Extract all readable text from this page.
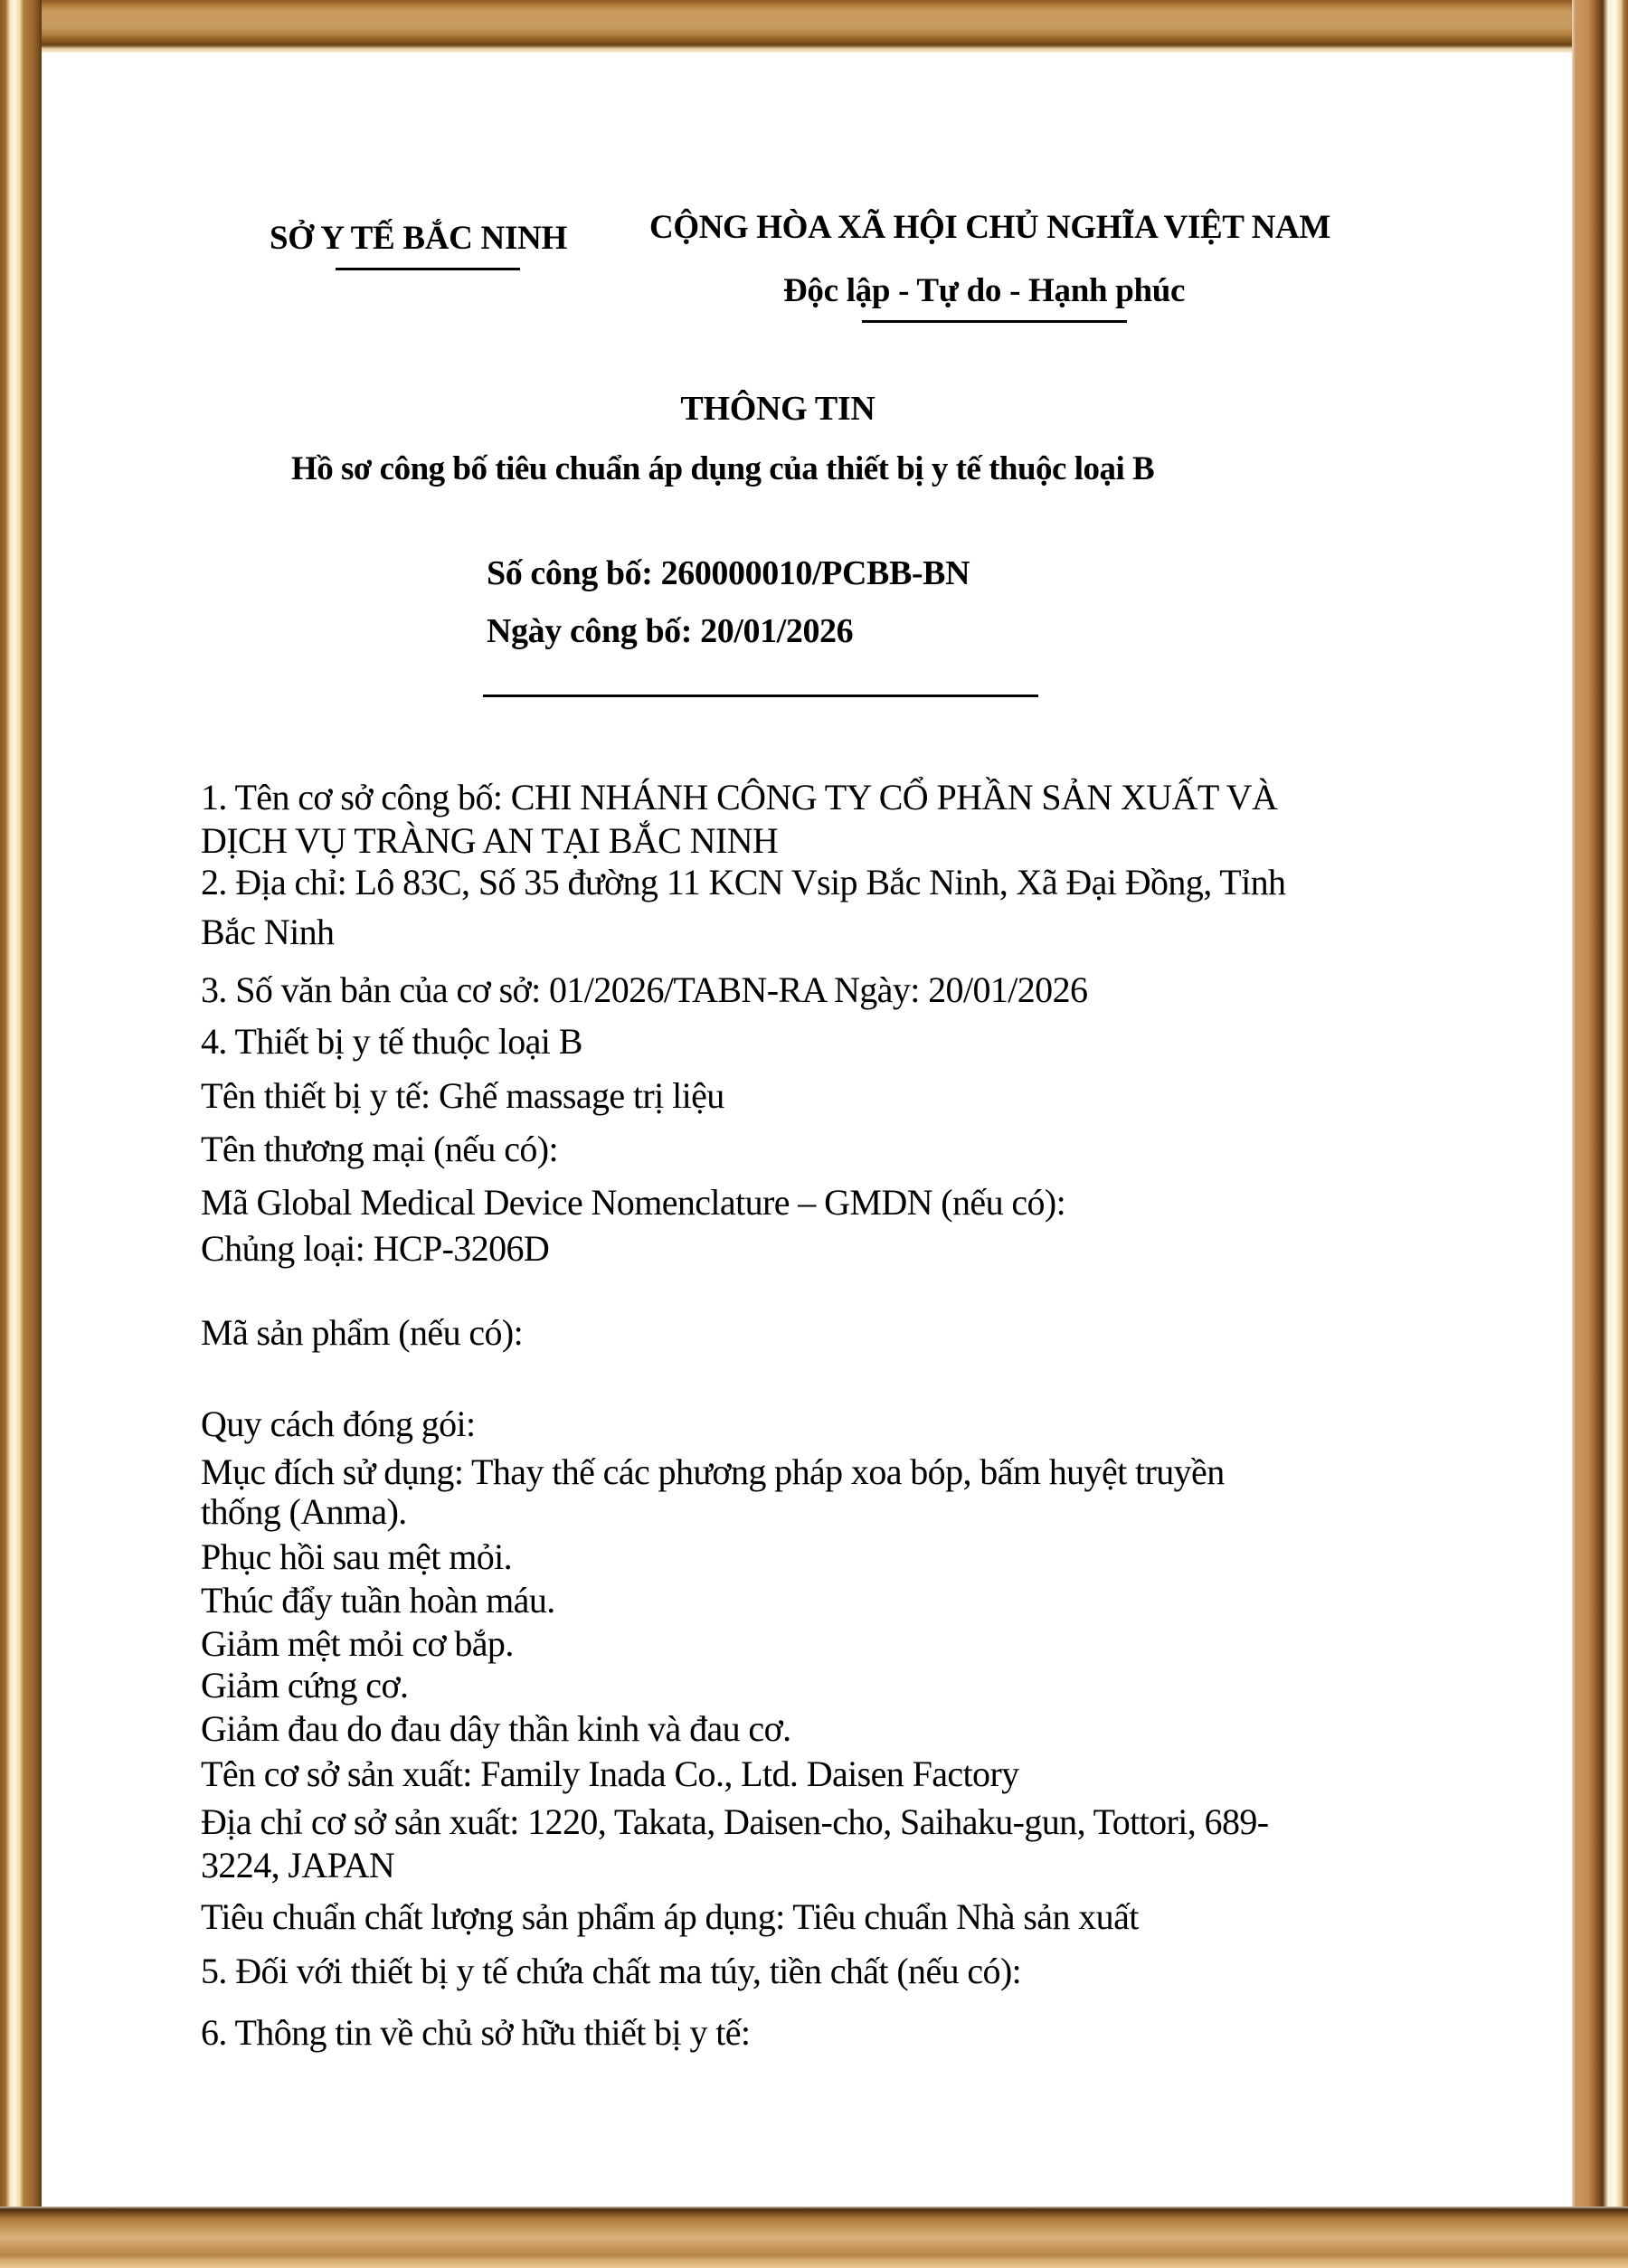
SỞ Y TẾ BẮC NINH CỘNG HÒA XÃ HỘI CHỦ NGHĨA VIỆT NAM
Độc lập - Tự do - Hạnh phúc
THÔNG TIN
Hồ sơ công bố tiêu chuẩn áp dụng của thiết bị y tế thuộc loại B
Số công bố: 260000010/PCBB-BN
Ngày công bố: 20/01/2026
1. Tên cơ sở công bố: CHI NHÁNH CÔNG TY CỔ PHẦN SẢN XUẤT VÀ
DỊCH VỤ TRÀNG AN TẠI BẮC NINH
2. Địa chỉ: Lô 83C, Số 35 đường 11 KCN Vsip Bắc Ninh, Xã Đại Đồng, Tỉnh
Bắc Ninh
3. Số văn bản của cơ sở: 01/2026/TABN-RA Ngày: 20/01/2026
4. Thiết bị y tế thuộc loại B
Tên thiết bị y tế: Ghế massage trị liệu
Tên thương mại (nếu có):
Mã Global Medical Device Nomenclature – GMDN (nếu có):
Chủng loại: HCP-3206D
Mã sản phẩm (nếu có):
Quy cách đóng gói:
Mục đích sử dụng: Thay thế các phương pháp xoa bóp, bấm huyệt truyền
thống (Anma).
Phục hồi sau mệt mỏi.
Thúc đẩy tuần hoàn máu.
Giảm mệt mỏi cơ bắp.
Giảm cứng cơ.
Giảm đau do đau dây thần kinh và đau cơ.
Tên cơ sở sản xuất: Family Inada Co., Ltd. Daisen Factory
Địa chỉ cơ sở sản xuất: 1220, Takata, Daisen-cho, Saihaku-gun, Tottori, 689-
3224, JAPAN
Tiêu chuẩn chất lượng sản phẩm áp dụng: Tiêu chuẩn Nhà sản xuất
5. Đối với thiết bị y tế chứa chất ma túy, tiền chất (nếu có):
6. Thông tin về chủ sở hữu thiết bị y tế:
